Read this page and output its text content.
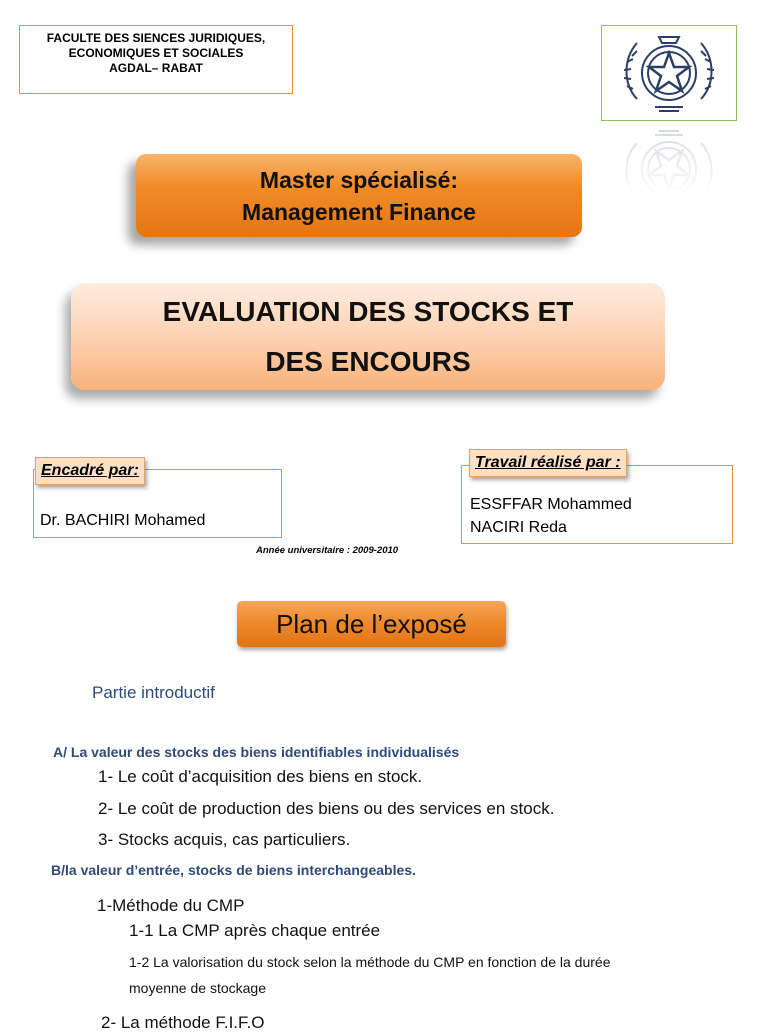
FACULTE DES SIENCES JURIDIQUES,
ECONOMIQUES ET SOCIALES
AGDAL– RABAT
Master spécialisé:
Management Finance
EVALUATION DES STOCKS ET
DES ENCOURS
Encadré par:
Dr. BACHIRI Mohamed
Travail réalisé par :
ESSFFAR Mohammed
NACIRI Reda
Année universitaire : 2009-2010
Plan de l’exposé
Partie introductif
A/ La valeur des stocks des biens identifiables individualisés
1- Le coût d’acquisition des biens en stock.
2- Le coût de production des biens ou des services en stock.
3- Stocks acquis, cas particuliers.
B/la valeur d’entrée, stocks de biens interchangeables.
1-Méthode du CMP
1-1 La CMP après chaque entrée
1-2 La valorisation du stock selon la méthode du CMP en fonction de la durée
moyenne de stockage
2- La méthode F.I.F.O
